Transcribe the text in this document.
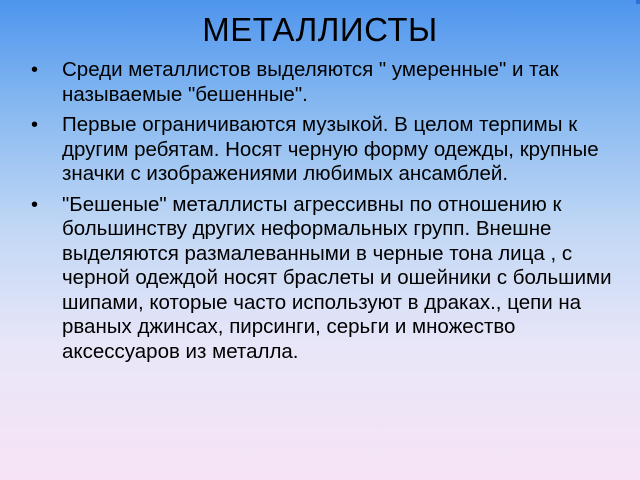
МЕТАЛЛИСТЫ
• Среди металлистов выделяются " умеренные" и так называемые "бешенные".
• Первые ограничиваются музыкой. В целом терпимы к другим ребятам. Носят черную форму одежды, крупные значки с изображениями любимых ансамблей.
• "Бешеные" металлисты агрессивны по отношению к большинству других неформальных групп. Внешне выделяются размалеванными в черные тона лица , с черной одеждой носят браслеты и ошейники с большими шипами, которые часто используют в драках., цепи на рваных джинсах, пирсинги, серьги и множество аксессуаров из металла.
